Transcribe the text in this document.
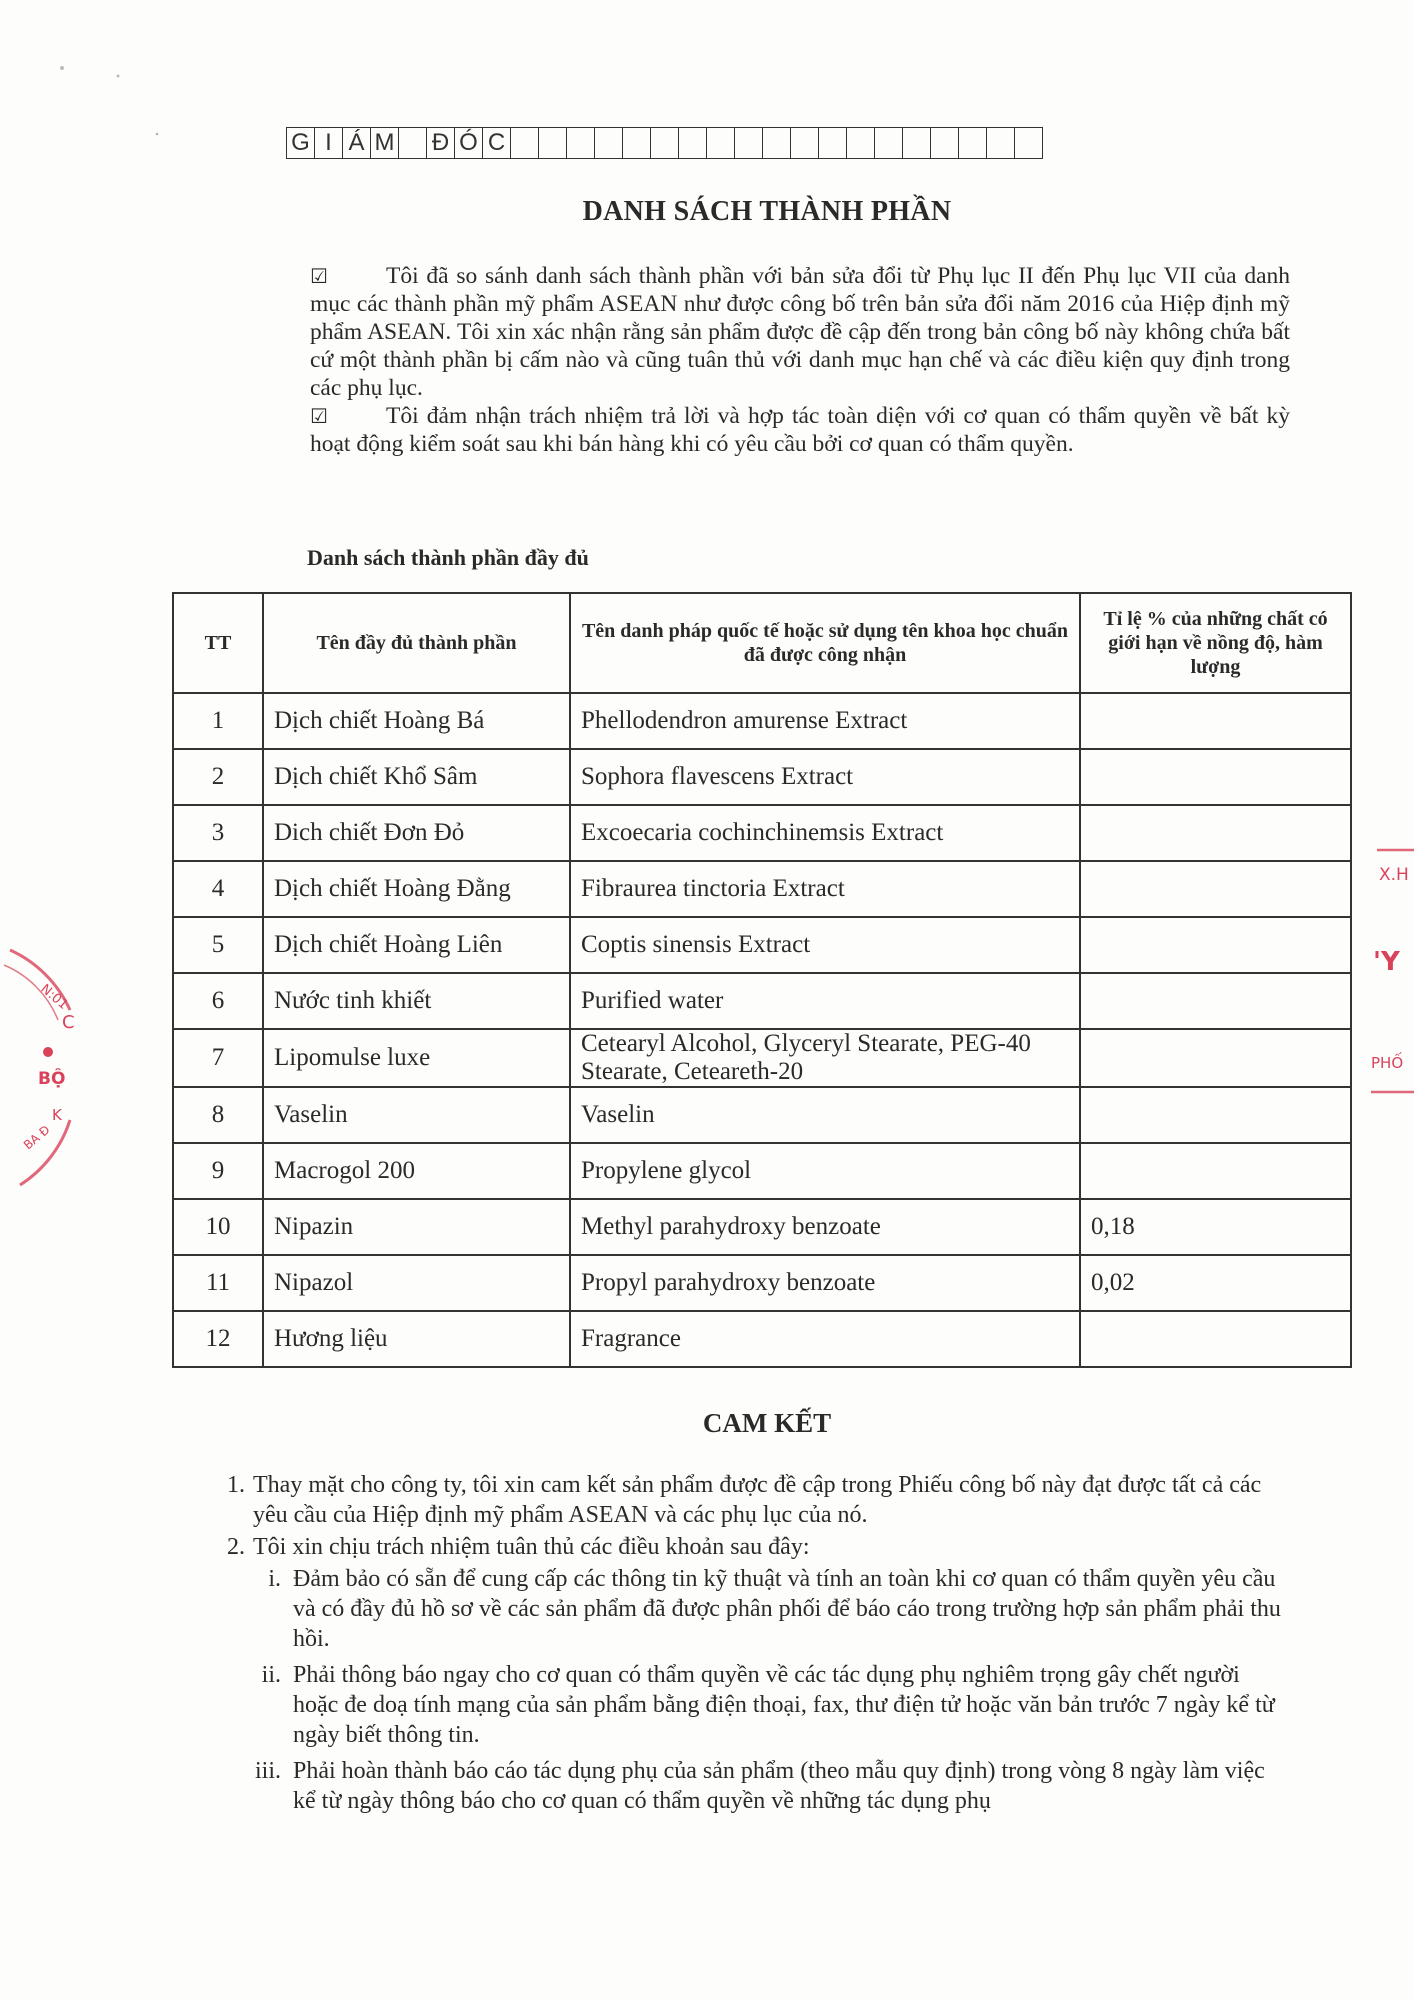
G I Á M Đ Ó C
DANH SÁCH THÀNH PHẦN

☑ Tôi đã so sánh danh sách thành phần với bản sửa đổi từ Phụ lục II đến Phụ lục VII của danh mục các thành phần mỹ phẩm ASEAN như được công bố trên bản sửa đổi năm 2016 của Hiệp định mỹ phẩm ASEAN. Tôi xin xác nhận rằng sản phẩm được đề cập đến trong bản công bố này không chứa bất cứ một thành phần bị cấm nào và cũng tuân thủ với danh mục hạn chế và các điều kiện quy định trong các phụ lục.

☑ Tôi đảm nhận trách nhiệm trả lời và hợp tác toàn diện với cơ quan có thẩm quyền về bất kỳ hoạt động kiểm soát sau khi bán hàng khi có yêu cầu bởi cơ quan có thẩm quyền.

Danh sách thành phần đầy đủ
TT	Tên đầy đủ thành phần	Tên danh pháp quốc tế hoặc sử dụng tên khoa học chuẩn đã được công nhận	Tỉ lệ % của những chất có giới hạn về nồng độ, hàm lượng
1	Dịch chiết Hoàng Bá	Phellodendron amurense Extract	
2	Dịch chiết Khổ Sâm	Sophora flavescens Extract	
3	Dich chiết Đơn Đỏ	Excoecaria cochinchinemsis Extract	
4	Dịch chiết Hoàng Đằng	Fibraurea tinctoria Extract	
5	Dịch chiết Hoàng Liên	Coptis sinensis Extract	
6	Nước tinh khiết	Purified water	
7	Lipomulse luxe	Cetearyl Alcohol, Glyceryl Stearate, PEG-40 Stearate, Ceteareth-20	
8	Vaselin	Vaselin	
9	Macrogol 200	Propylene glycol	
10	Nipazin	Methyl parahydroxy benzoate	0,18
11	Nipazol	Propyl parahydroxy benzoate	0,02
12	Hương liệu	Fragrance	
CAM KẾT
1. Thay mặt cho công ty, tôi xin cam kết sản phẩm được đề cập trong Phiếu công bố này đạt được tất cả các yêu cầu của Hiệp định mỹ phẩm ASEAN và các phụ lục của nó.
2. Tôi xin chịu trách nhiệm tuân thủ các điều khoản sau đây:
i. Đảm bảo có sẵn để cung cấp các thông tin kỹ thuật và tính an toàn khi cơ quan có thẩm quyền yêu cầu và có đầy đủ hồ sơ về các sản phẩm đã được phân phối để báo cáo trong trường hợp sản phẩm phải thu hồi.
ii. Phải thông báo ngay cho cơ quan có thẩm quyền về các tác dụng phụ nghiêm trọng gây chết người hoặc đe doạ tính mạng của sản phẩm bằng điện thoại, fax, thư điện tử hoặc văn bản trước 7 ngày kể từ ngày biết thông tin.
iii. Phải hoàn thành báo cáo tác dụng phụ của sản phẩm (theo mẫu quy định) trong vòng 8 ngày làm việc kể từ ngày thông báo cho cơ quan có thẩm quyền về những tác dụng phụ
N:01
C
BỘ
K
BA Đ
X.H
'Y
PHỐ
